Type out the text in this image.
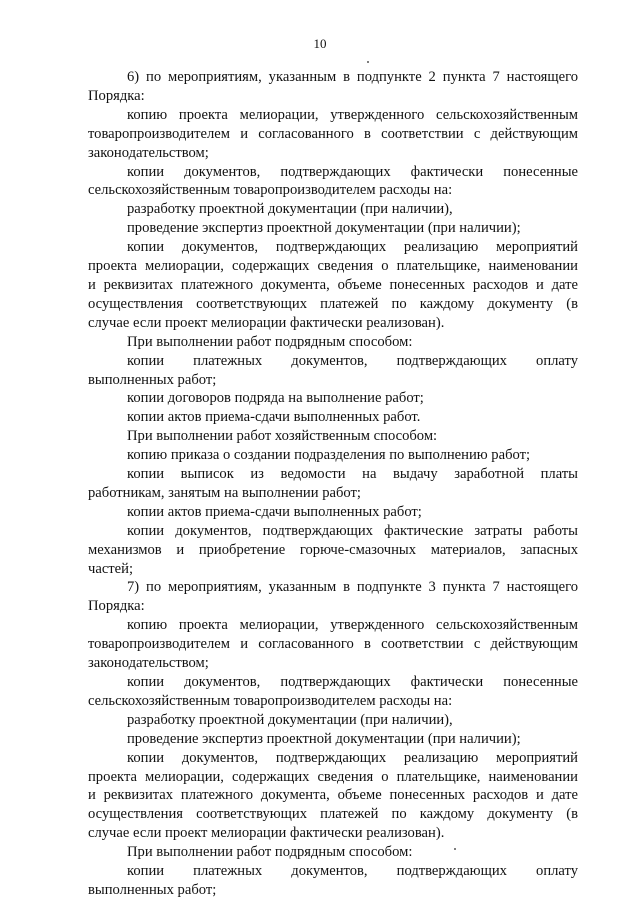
10

6) по мероприятиям, указанным в подпункте 2 пункта 7 настоящего

Порядка:

копию проекта мелиорации, утвержденного сельскохозяйственным

товаропроизводителем и согласованного в соответствии с действующим

законодательством;

копии документов, подтверждающих фактически понесенные

сельскохозяйственным товаропроизводителем расходы на:

разработку проектной документации (при наличии),

проведение экспертиз проектной документации (при наличии);

копии документов, подтверждающих реализацию мероприятий

проекта мелиорации, содержащих сведения о плательщике, наименовании

и реквизитах платежного документа, объеме понесенных расходов и дате

осуществления соответствующих платежей по каждому документу (в

случае если проект мелиорации фактически реализован).

При выполнении работ подрядным способом:

копии платежных документов, подтверждающих оплату

выполненных работ;

копии договоров подряда на выполнение работ;

копии актов приема-сдачи выполненных работ.

При выполнении работ хозяйственным способом:

копию приказа о создании подразделения по выполнению работ;

копии выписок из ведомости на выдачу заработной платы

работникам, занятым на выполнении работ;

копии актов приема-сдачи выполненных работ;

копии документов, подтверждающих фактические затраты работы

механизмов и приобретение горюче-смазочных материалов, запасных

частей;

7) по мероприятиям, указанным в подпункте 3 пункта 7 настоящего

Порядка:

копию проекта мелиорации, утвержденного сельскохозяйственным

товаропроизводителем и согласованного в соответствии с действующим

законодательством;

копии документов, подтверждающих фактически понесенные

сельскохозяйственным товаропроизводителем расходы на:

разработку проектной документации (при наличии),

проведение экспертиз проектной документации (при наличии);

копии документов, подтверждающих реализацию мероприятий

проекта мелиорации, содержащих сведения о плательщике, наименовании

и реквизитах платежного документа, объеме понесенных расходов и дате

осуществления соответствующих платежей по каждому документу (в

случае если проект мелиорации фактически реализован).

При выполнении работ подрядным способом:

копии платежных документов, подтверждающих оплату

выполненных работ;
